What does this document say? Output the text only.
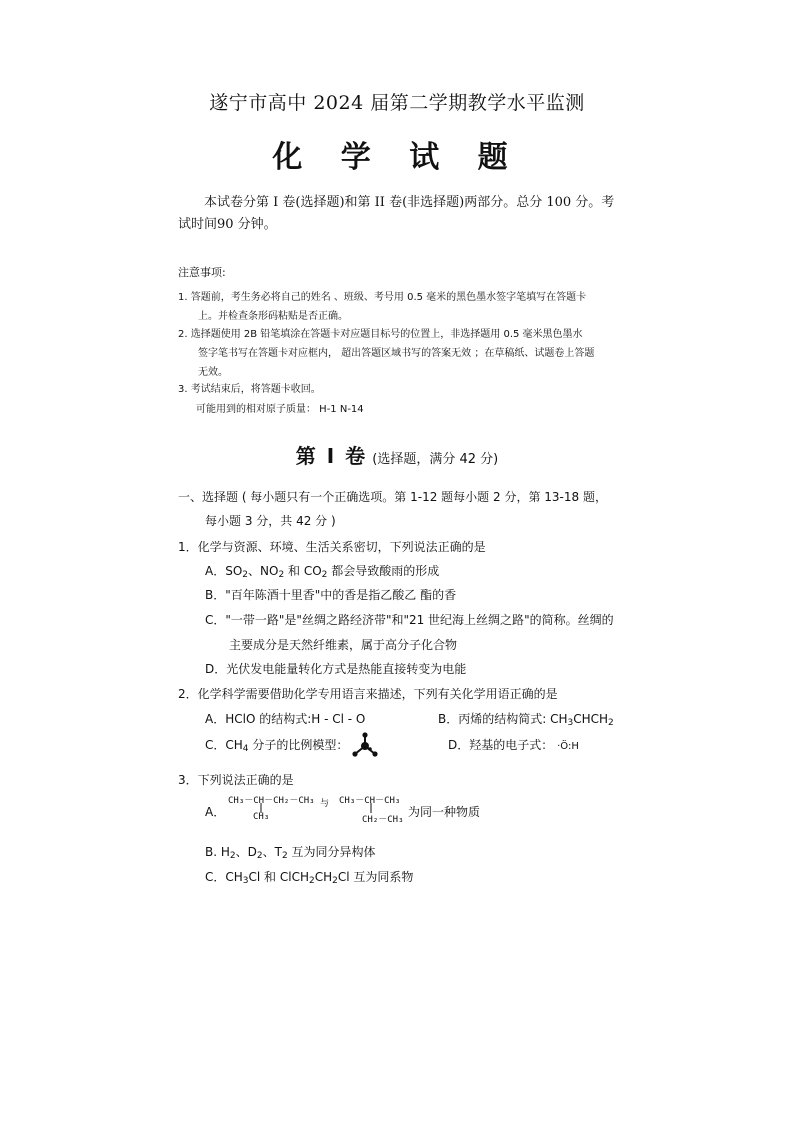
遂宁市高中 2024 届第二学期教学水平监测
化 学 试 题
本试卷分第 I 卷(选择题)和第 II 卷(非选择题)两部分。总分 100 分。考试时间90 分钟。
注意事项:
1. 答题前，考生务必将自己的姓名 、班级、考号用 0.5 毫米的黑色墨水签字笔填写在答题卡
上。并检查条形码粘贴是否正确。
2. 选择题使用 2B 铅笔填涂在答题卡对应题目标号的位置上，非选择题用 0.5 毫米黑色墨水
签字笔书写在答题卡对应框内， 超出答题区域书写的答案无效 ；在草稿纸、试题卷上答题
无效。
3. 考试结束后，将答题卡收回。
可能用到的相对原子质量： H-1 N-14
第 Ⅰ 卷 (选择题，满分 42 分)
一、选择题 ( 每小题只有一个正确选项。第 1-12 题每小题 2 分，第 13-18 题，
每小题 3 分，共 42 分 )
1．化学与资源、环境、生活关系密切，下列说法正确的是
A．$SO_2$、$NO_2$ 和 $CO_2$ 都会导致酸雨的形成
B．"百年陈酒十里香"中的香是指乙酸乙 酯的香
C．"一带一路"是"丝绸之路经济带"和"21 世纪海上丝绸之路"的简称。丝绸的
主要成分是天然纤维素，属于高分子化合物
D．光伏发电能量转化方式是热能直接转变为电能
2．化学科学需要借助化学专用语言来描述，下列有关化学用语正确的是
A．HClO 的结构式:H - Cl - O	B．丙烯的结构简式: $CH_3CHCH_2$
C．$CH_4$ 分子的比例模型：	D．羟基的电子式： ·Ö:H
3．下列说法正确的是
A．
CH₃－CH－CH₂－CH₃
CH₃
与 CH₃－CH－CH₃
CH₂－CH₃
为同一种物质
B. $H_2$、$D_2$、$T_2$ 互为同分异构体
C．$CH_3Cl$ 和 $ClCH_2CH_2Cl$ 互为同系物
